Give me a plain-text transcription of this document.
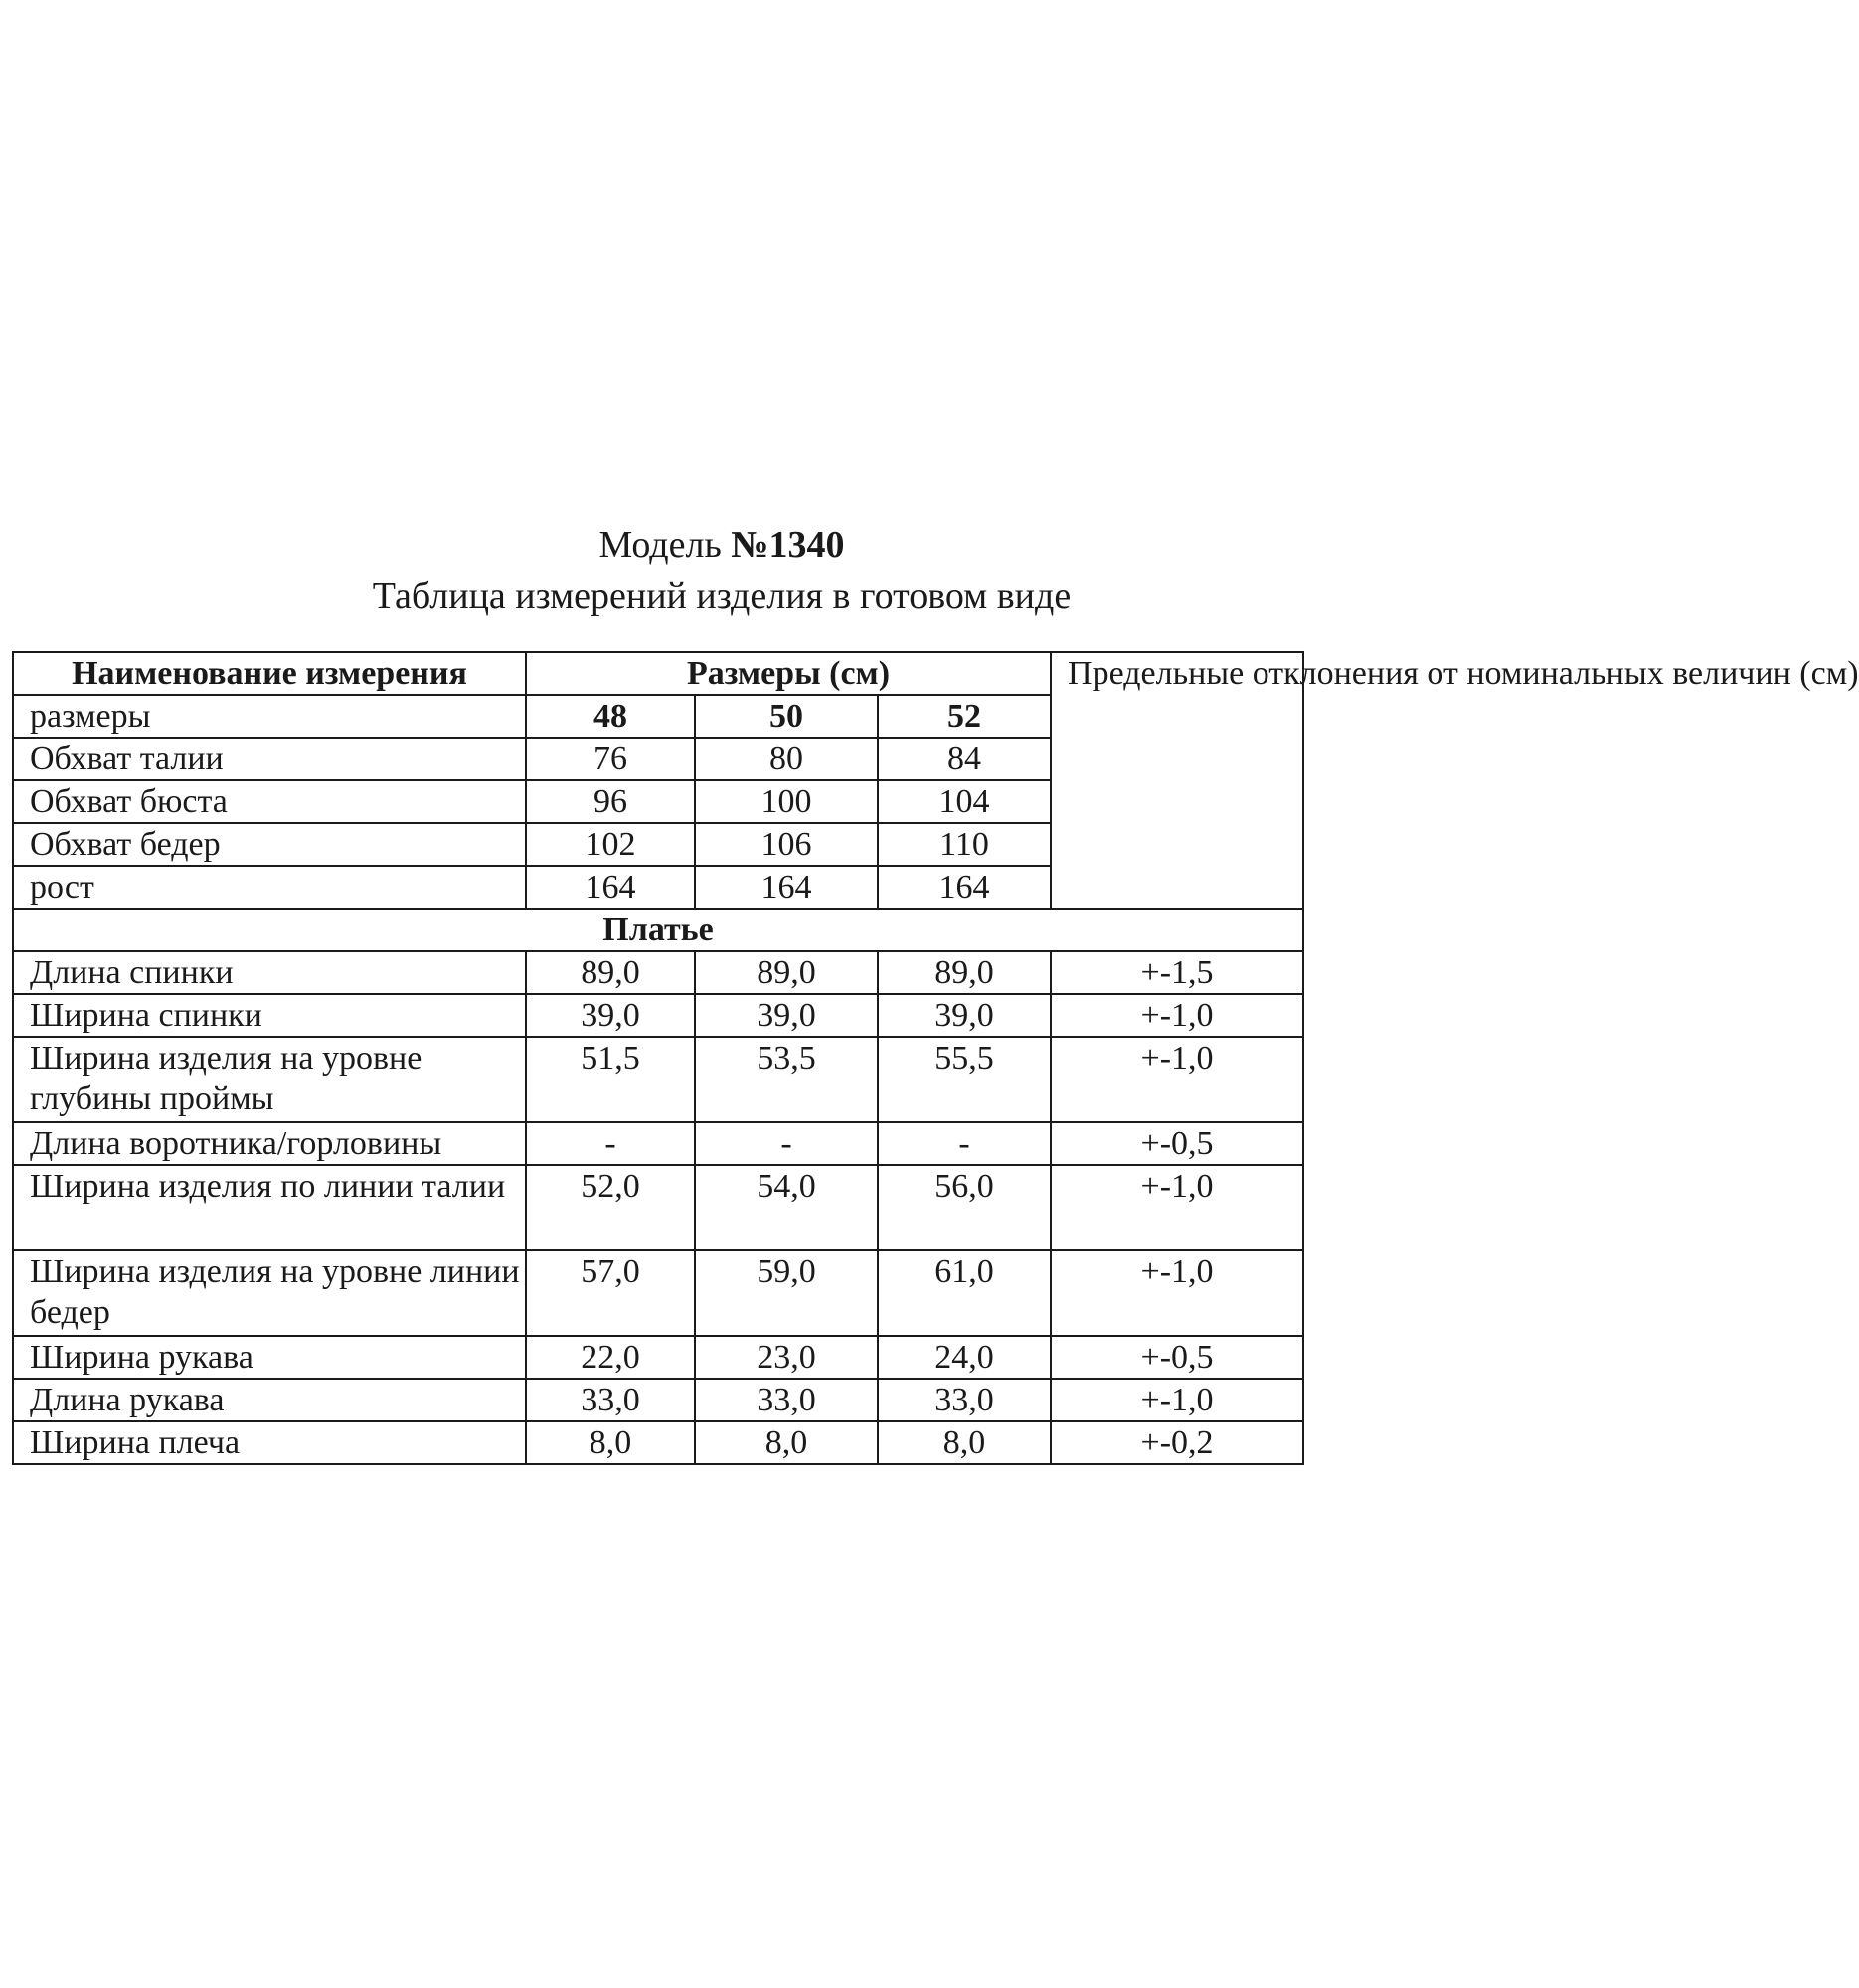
Модель №1340
Таблица измерений изделия в готовом виде
Наименование измерения	Размеры (см)			Предельные отклонения от номинальных величин (см)
размеры	48	50	52	
Обхват талии	76	80	84	
Обхват бюста	96	100	104	
Обхват бедер	102	106	110	
рост	164	164	164	
Платье				
Длина спинки	89,0	89,0	89,0	+-1,5
Ширина спинки	39,0	39,0	39,0	+-1,0
Ширина изделия на уровне глубины проймы	51,5	53,5	55,5	+-1,0
Длина воротника/горловины	-	-	-	+-0,5
Ширина изделия по линии талии	52,0	54,0	56,0	+-1,0
Ширина изделия на уровне линии бедер	57,0	59,0	61,0	+-1,0
Ширина рукава	22,0	23,0	24,0	+-0,5
Длина рукава	33,0	33,0	33,0	+-1,0
Ширина плеча	8,0	8,0	8,0	+-0,2
